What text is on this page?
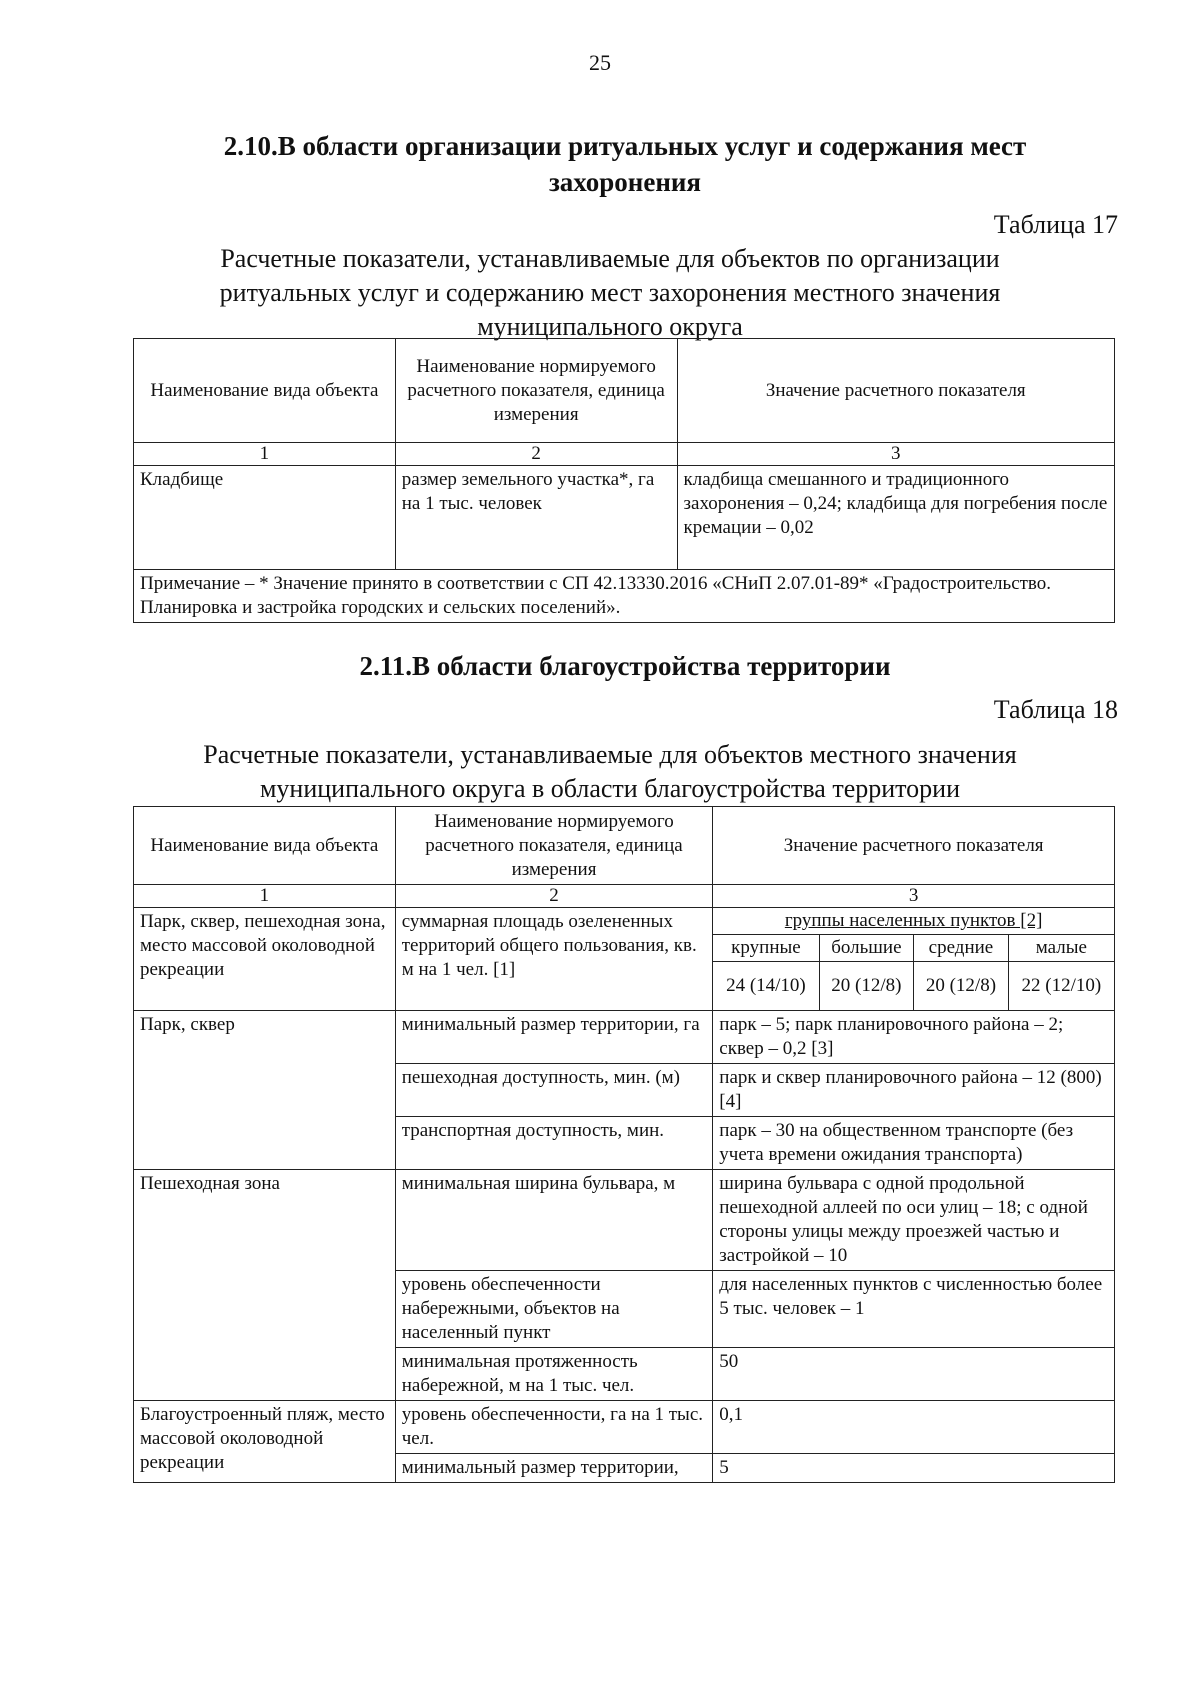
25
2.10.В области организации ритуальных услуг и содержания мест
захоронения
Таблица 17
Расчетные показатели, устанавливаемые для объектов по организации
ритуальных услуг и содержанию мест захоронения местного значения
муниципального округа
Наименование вида объекта	Наименование нормируемого расчетного показателя, единица измерения	Значение расчетного показателя
1	2	3
Кладбище	размер земельного участка*, га на 1 тыс. человек	кладбища смешанного и традиционного захоронения – 0,24; кладбища для погребения после кремации – 0,02
Примечание – * Значение принято в соответствии с СП 42.13330.2016 «СНиП 2.07.01-89* «Градостроительство. Планировка и застройка городских и сельских поселений».		
2.11.В области благоустройства территории
Таблица 18
Расчетные показатели, устанавливаемые для объектов местного значения
муниципального округа в области благоустройства территории
Наименование вида объекта	Наименование нормируемого расчетного показателя, единица измерения	Значение расчетного показателя
1	2	3
Парк, сквер, пешеходная зона, место массовой околоводной рекреации	суммарная площадь озелененных территорий общего пользования, кв. м на 1 чел. [1]	
группы населенных пунктов [2]
крупные	большие	средние	малые
24 (14/10)	20 (12/8)	20 (12/8)	22 (12/10)

Парк, сквер	минимальный размер территории, га	парк – 5; парк планировочного района – 2; сквер – 0,2 [3]
пешеходная доступность, мин. (м)	парк и сквер планировочного района – 12 (800) [4]
транспортная доступность, мин.	парк – 30 на общественном транспорте (без учета времени ожидания транспорта)
Пешеходная зона	минимальная ширина бульвара, м	ширина бульвара с одной продольной пешеходной аллеей по оси улиц – 18; с одной стороны улицы между проезжей частью и застройкой – 10
уровень обеспеченности набережными, объектов на населенный пункт	для населенных пунктов с численностью более 5 тыс. человек – 1
минимальная протяженность набережной, м на 1 тыс. чел.	50
Благоустроенный пляж, место массовой околоводной рекреации	уровень обеспеченности, га на 1 тыс. чел.	0,1
минимальный размер территории,	5
